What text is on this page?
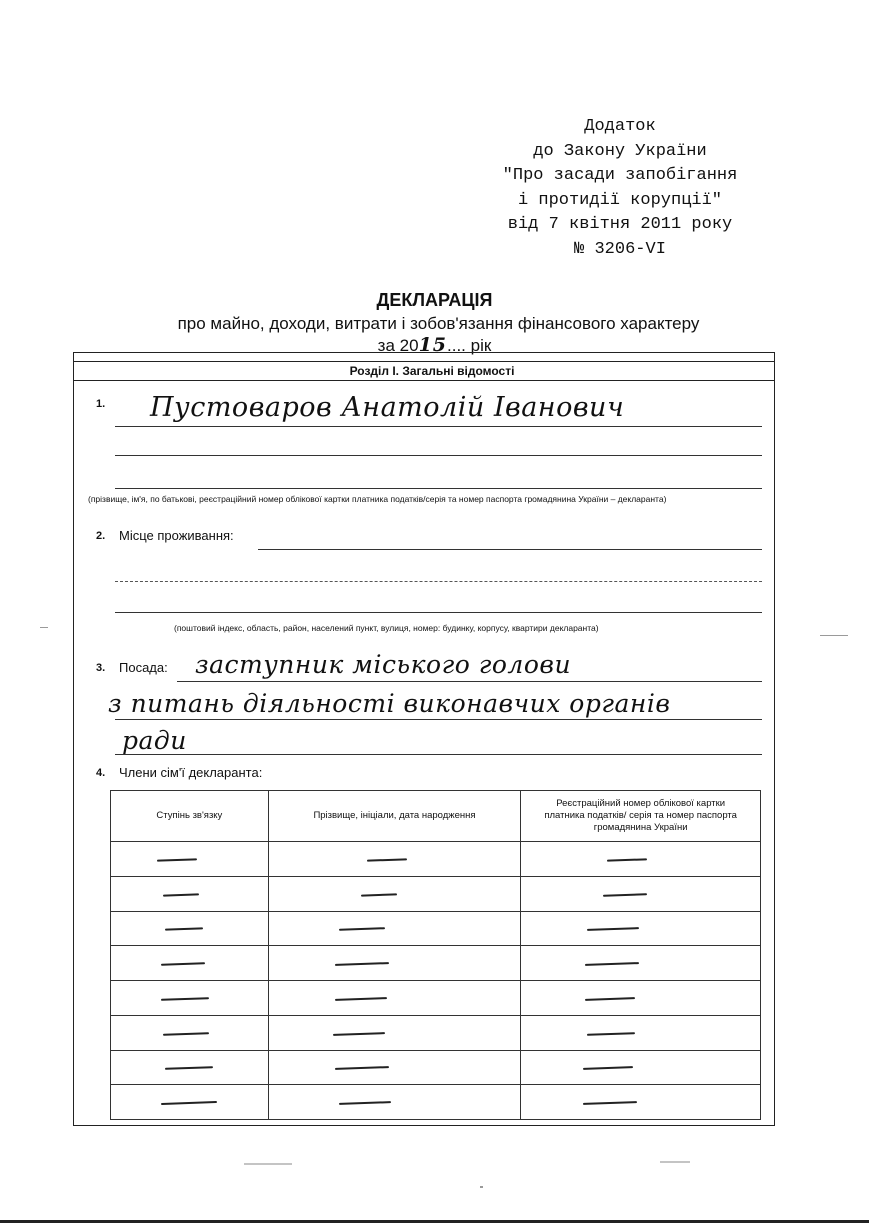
Додаток
до Закону України
"Про засади запобігання
і протидії корупції"
від 7 квітня 2011 року
№ 3206-VI
ДЕКЛАРАЦІЯ
про майно, доходи, витрати і зобов'язання фінансового характеру
за 2015.... рік
Розділ І. Загальні відомості
1. Пустоваров Анатолій Іванович
(прізвище, ім'я, по батькові, реєстраційний номер облікової картки платника податків/серія та номер паспорта громадянина України – декларанта)
2. Місце проживання:
(поштовий індекс, область, район, населений пункт, вулиця, номер: будинку, корпусу, квартири декларанта)
3. Посада: заступник міського голови
з питань діяльності виконавчих органів
ради
4. Члени сім'ї декларанта:
Ступінь зв'язку	Прізвище, ініціали, дата народження	Реєстраційний номер облікової картки платника податків/ серія та номер паспорта громадянина України
